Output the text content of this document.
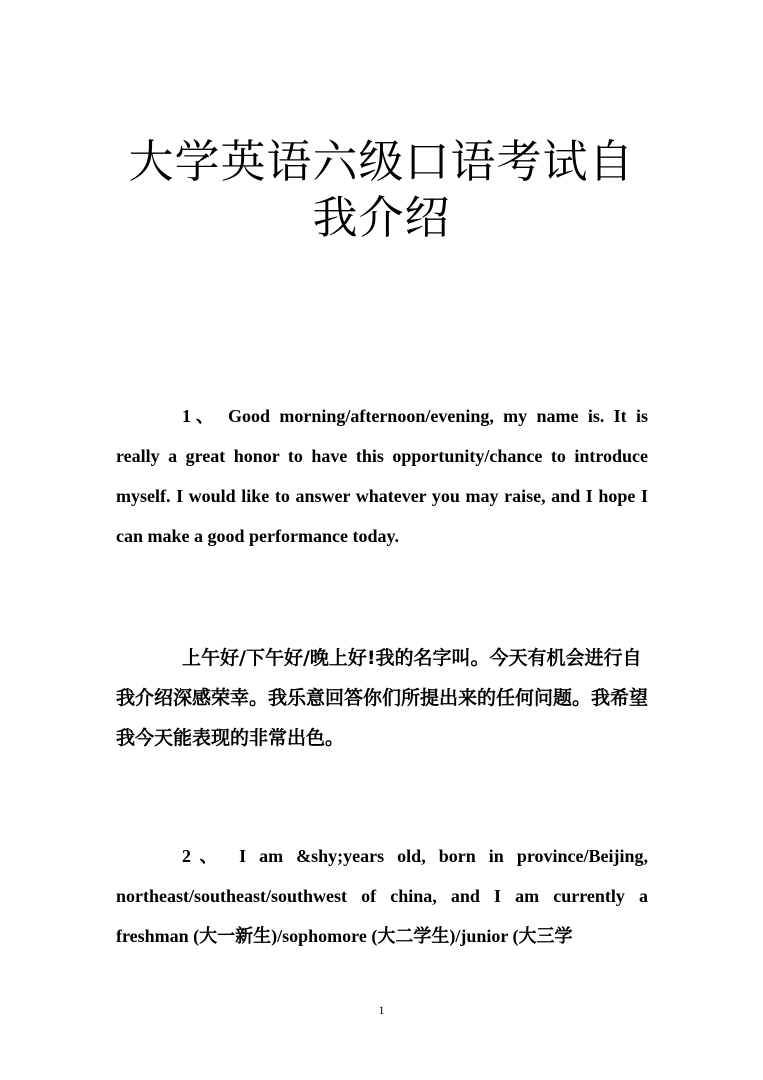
大学英语六级口语考试自我介绍

1、 Good morning/afternoon/evening, my name is. It is really a great honor to have this opportunity/chance to introduce myself. I would like to answer whatever you may raise, and I hope I can make a good performance today.

上午好/下午好/晚上好!我的名字叫。今天有机会进行自我介绍深感荣幸。我乐意回答你们所提出来的任何问题。我希望我今天能表现的非常出色。

2、 I am &shy;years old, born in province/Beijing, northeast/southeast/southwest of china, and I am currently a freshman (大一新生)/sophomore (大二学生)/junior (大三学

1
